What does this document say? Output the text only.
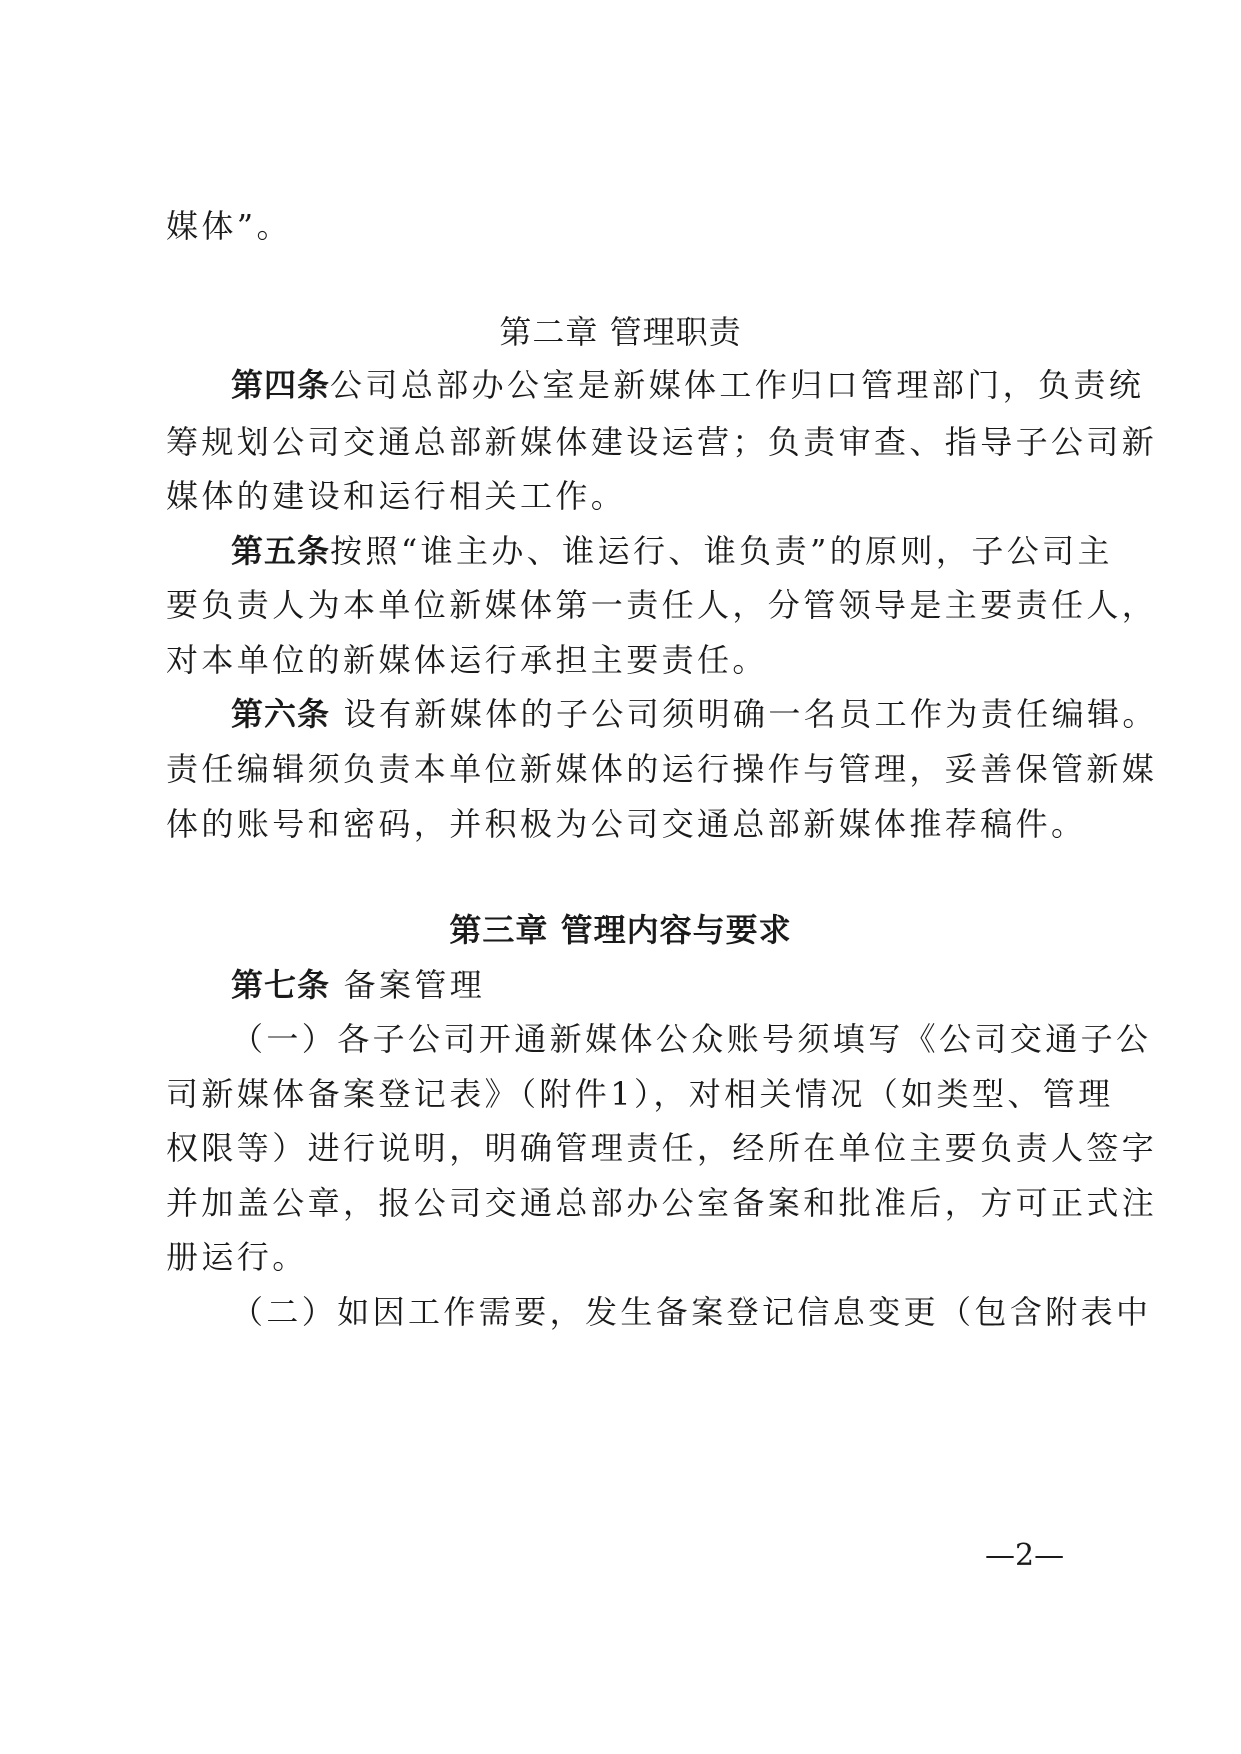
媒体”。
第二章 管理职责
第四条公司总部办公室是新媒体工作归口管理部门，负责统
筹规划公司交通总部新媒体建设运营；负责审查、指导子公司新
媒体的建设和运行相关工作。
第五条按照“谁主办、谁运行、谁负责”的原则，子公司主
要负责人为本单位新媒体第一责任人，分管领导是主要责任人，
对本单位的新媒体运行承担主要责任。
第六条 设有新媒体的子公司须明确一名员工作为责任编辑。
责任编辑须负责本单位新媒体的运行操作与管理，妥善保管新媒
体的账号和密码，并积极为公司交通总部新媒体推荐稿件。
第三章 管理内容与要求
第七条 备案管理
（一）各子公司开通新媒体公众账号须填写《公司交通子公
司新媒体备案登记表》（附件1），对相关情况（如类型、管理
权限等）进行说明，明确管理责任，经所在单位主要负责人签字
并加盖公章，报公司交通总部办公室备案和批准后，方可正式注
册运行。
（二）如因工作需要，发生备案登记信息变更（包含附表中
—2—
